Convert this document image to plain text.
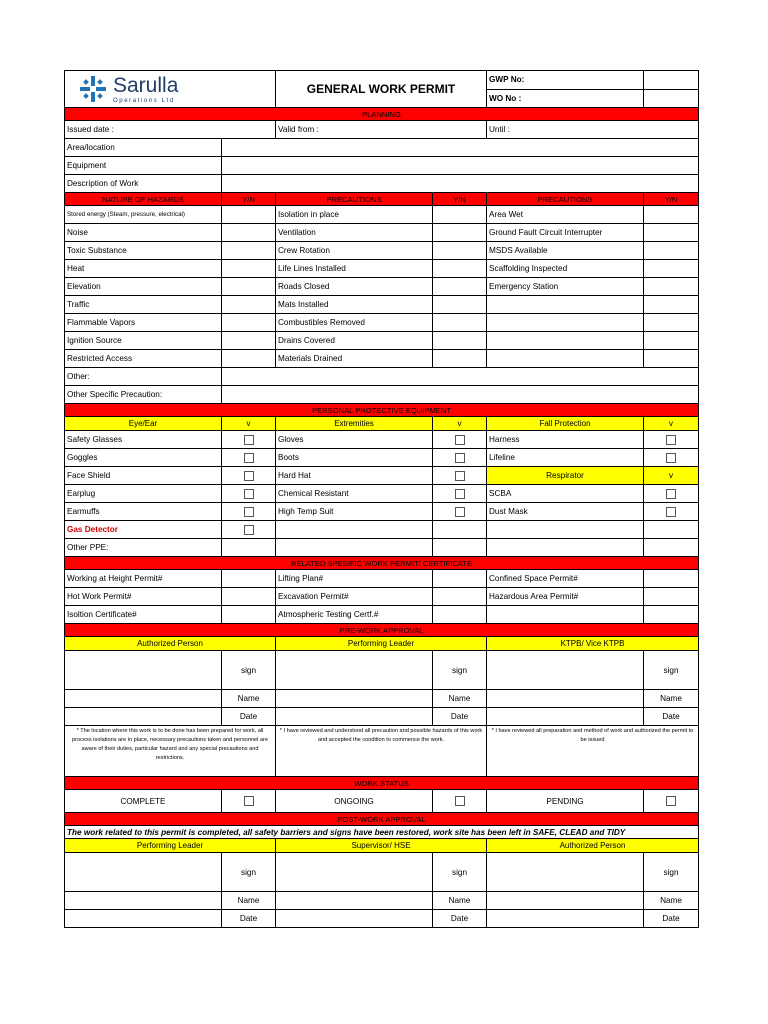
Sarulla
Operations Ltd		GENERAL WORK PERMIT		GWP No:	
				WO No :	
PLANNING					
Issued date :		Valid from :		Until :	
Area/location					
Equipment					
Description of Work					
NATURE OF HAZARDS	Y/N	PRECAUTIONS	Y/N	PRECAUTIONS	Y/N
Stored energy (Steam, pressure, electrical)		Isolation in place		Area Wet	
Noise		Ventilation		Ground Fault Circuit Interrupter	
Toxic Substance		Crew Rotation		MSDS Available	
Heat		Life Lines Installed		Scaffolding Inspected	
Elevation		Roads Closed		Emergency Station	
Traffic		Mats Installed			
Flammable Vapors		Combustibles Removed			
Ignition Source		Drains Covered			
Restricted Access		Materials Drained			
Other:					
Other Specific Precaution:					
PERSONAL PROTECTIVE EQUIPMENT					
Eye/Ear	v	Extremities	v	Fall Protection	v
Safety Glasses		Gloves		Harness	
Goggles		Boots		Lifeline	
Face Shield		Hard Hat		Respirator	v
Earplug		Chemical Resistant		SCBA	
Earmuffs		High Temp Suit		Dust Mask	
Gas Detector					
Other PPE:					
RELATED SPESIFIC WORK PERMIT/ CERTIFICATE					
Working at Height Permit#		Lifting Plan#		Confined Space Permit#	
Hot Work Permit#		Excavation Permit#		Hazardous Area Permit#	
Isoltion Certificate#		Atmospheric Testing Certf.#			
PRE-WORK APPROVAL					
Authorized Person		Performing Leader		KTPB/ Vice KTPB	
	sign		sign		sign
	Name		Name		Name
	Date		Date		Date
* The location where this work is to be done has been prepared for work, all process isolations are in place, necessary precautions taken and personnel are aware of their duties, particular hazard and any special precautions and restrictions.		* I have reviewed and understood all precaution and possible hazards of this work and accepted the condition to commence the work.		* I have reviewed all preparation and method of work and authorized the permit to be issued	
WORK STATUS					
COMPLETE		ONGOING		PENDING	
POST-WORK APPROVAL					
The work related to this permit is completed, all safety barriers and signs have been restored, work site has been left in SAFE, CLEAD and TIDY					
Performing Leader		Supervisor/ HSE		Authorized Person	
	sign		sign		sign
	Name		Name		Name
	Date		Date		Date
